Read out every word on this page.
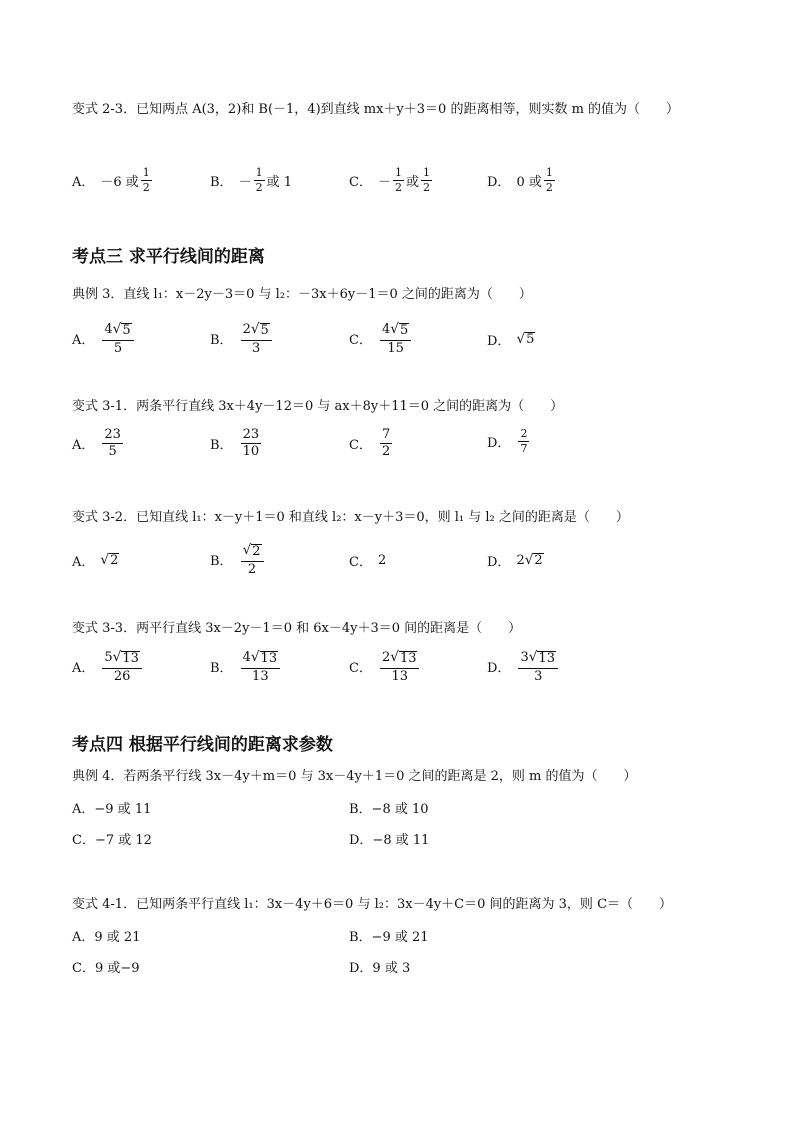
变式 2-3．已知两点 A(3，2)和 B(－1，4)到直线 mx＋y＋3＝0 的距离相等，则实数 m 的值为（　　）
A． －6 或 $\frac{1}{2}$	B． － $\frac{1}{2}$ 或 1	C． － $\frac{1}{2}$ 或 $\frac{1}{2}$	D． 0 或 $\frac{1}{2}$
考点三 求平行线间的距离
典例 3．直线 l₁：x－2y－3＝0 与 l₂：－3x＋6y－1＝0 之间的距离为（　　）
A． $\frac{4 √ 5}{5}$	B． $\frac{2 √ 5}{3}$	C． $\frac{4 √ 5}{15}$	D． √ 5
变式 3-1．两条平行直线 3x＋4y－12＝0 与 ax＋8y＋11＝0 之间的距离为（　　）
A． $\frac{23}{5}$	B． $\frac{23}{10}$	C． $\frac{7}{2}$	D． $\frac{2}{7}$
变式 3-2．已知直线 l₁：x－y＋1＝0 和直线 l₂：x－y＋3＝0，则 l₁ 与 l₂ 之间的距离是（　　）
A． √ 2	B． $\frac{√ 2}{2}$	C． 2	D． 2 √ 2
变式 3-3．两平行直线 3x－2y－1＝0 和 6x－4y＋3＝0 间的距离是（　　）
A． $\frac{5 √ 13}{26}$	B． $\frac{4 √ 13}{13}$	C． $\frac{2 √ 13}{13}$	D． $\frac{3 √ 13}{3}$
考点四 根据平行线间的距离求参数
典例 4．若两条平行线 3x－4y＋m＝0 与 3x－4y＋1＝0 之间的距离是 2，则 m 的值为（　　）
A．−9 或 11	B．−8 或 10
C．−7 或 12	D．−8 或 11
变式 4-1．已知两条平行直线 l₁：3x－4y＋6＝0 与 l₂：3x－4y＋C＝0 间的距离为 3，则 C＝（　　）
A．9 或 21	B．−9 或 21
C．9 或−9	D．9 或 3
